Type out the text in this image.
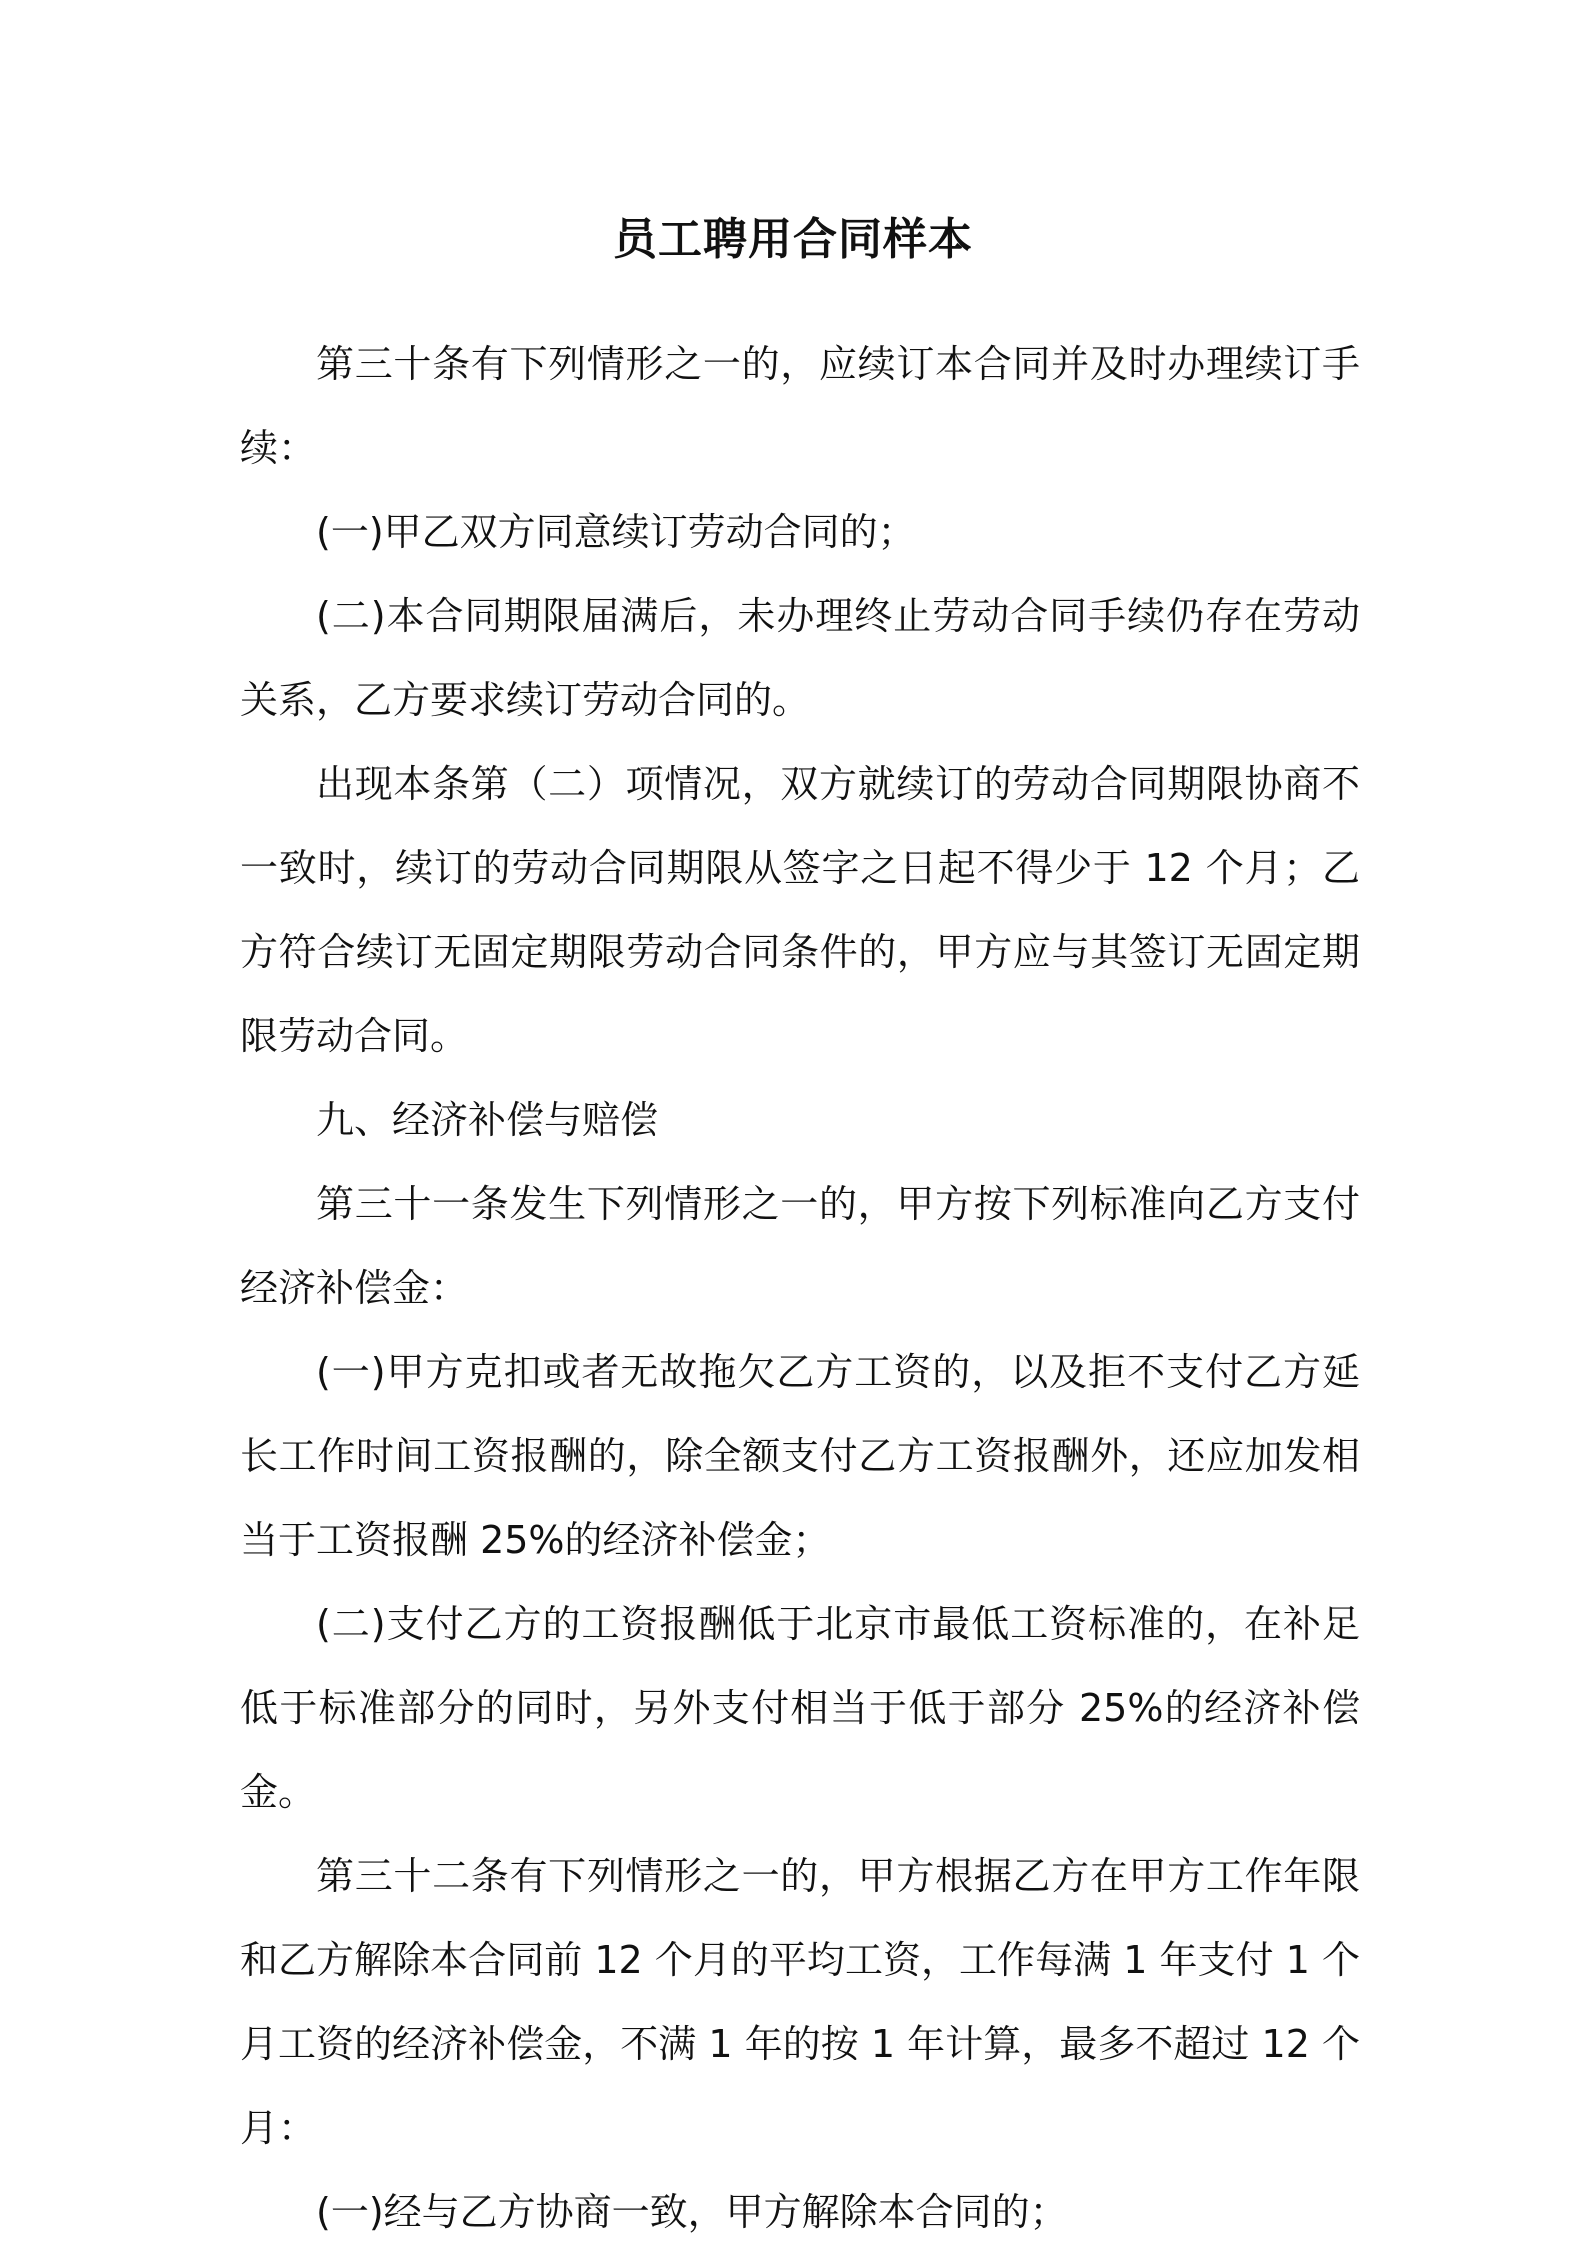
员工聘用合同样本

第三十条有下列情形之一的，应续订本合同并及时办理续订手续：

(一)甲乙双方同意续订劳动合同的；

(二)本合同期限届满后，未办理终止劳动合同手续仍存在劳动关系，乙方要求续订劳动合同的。

出现本条第（二）项情况，双方就续订的劳动合同期限协商不一致时，续订的劳动合同期限从签字之日起不得少于 12 个月；乙方符合续订无固定期限劳动合同条件的，甲方应与其签订无固定期限劳动合同。

九、经济补偿与赔偿

第三十一条发生下列情形之一的，甲方按下列标准向乙方支付经济补偿金：

(一)甲方克扣或者无故拖欠乙方工资的，以及拒不支付乙方延长工作时间工资报酬的，除全额支付乙方工资报酬外，还应加发相当于工资报酬 25%的经济补偿金；

(二)支付乙方的工资报酬低于北京市最低工资标准的，在补足低于标准部分的同时，另外支付相当于低于部分 25%的经济补偿金。

第三十二条有下列情形之一的，甲方根据乙方在甲方工作年限和乙方解除本合同前 12 个月的平均工资，工作每满 1 年支付 1 个月工资的经济补偿金，不满 1 年的按 1 年计算，最多不超过 12 个月：

(一)经与乙方协商一致，甲方解除本合同的；
